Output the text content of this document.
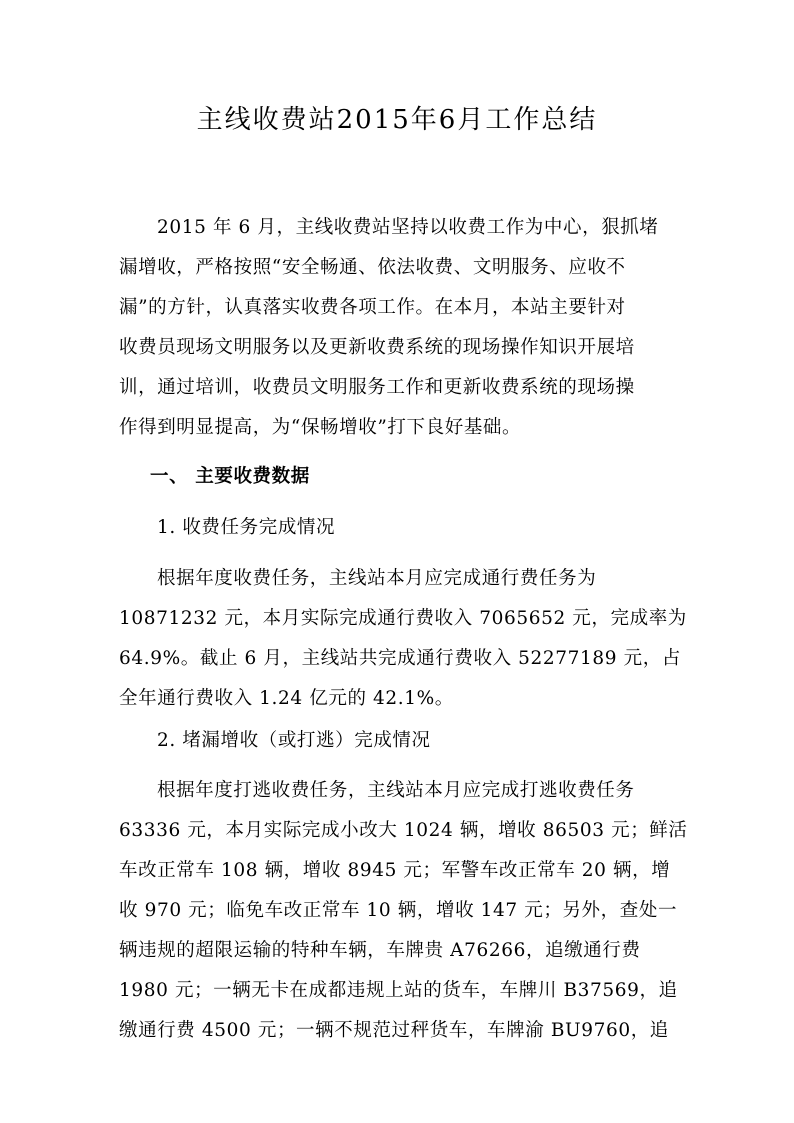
主线收费站2015年6月工作总结
2015 年 6 月，主线收费站坚持以收费工作为中心，狠抓堵
漏增收，严格按照“安全畅通、依法收费、文明服务、应收不
漏”的方针，认真落实收费各项工作。在本月，本站主要针对
收费员现场文明服务以及更新收费系统的现场操作知识开展培
训，通过培训，收费员文明服务工作和更新收费系统的现场操
作得到明显提高，为“保畅增收”打下良好基础。
一、 主要收费数据
1. 收费任务完成情况
根据年度收费任务，主线站本月应完成通行费任务为
10871232 元，本月实际完成通行费收入 7065652 元，完成率为
64.9%。截止 6 月，主线站共完成通行费收入 52277189 元，占
全年通行费收入 1.24 亿元的 42.1%。
2. 堵漏增收（或打逃）完成情况
根据年度打逃收费任务，主线站本月应完成打逃收费任务
63336 元，本月实际完成小改大 1024 辆，增收 86503 元；鲜活
车改正常车 108 辆，增收 8945 元；军警车改正常车 20 辆，增
收 970 元；临免车改正常车 10 辆，增收 147 元；另外，查处一
辆违规的超限运输的特种车辆，车牌贵 A76266，追缴通行费
1980 元；一辆无卡在成都违规上站的货车，车牌川 B37569，追
缴通行费 4500 元；一辆不规范过秤货车，车牌渝 BU9760，追
